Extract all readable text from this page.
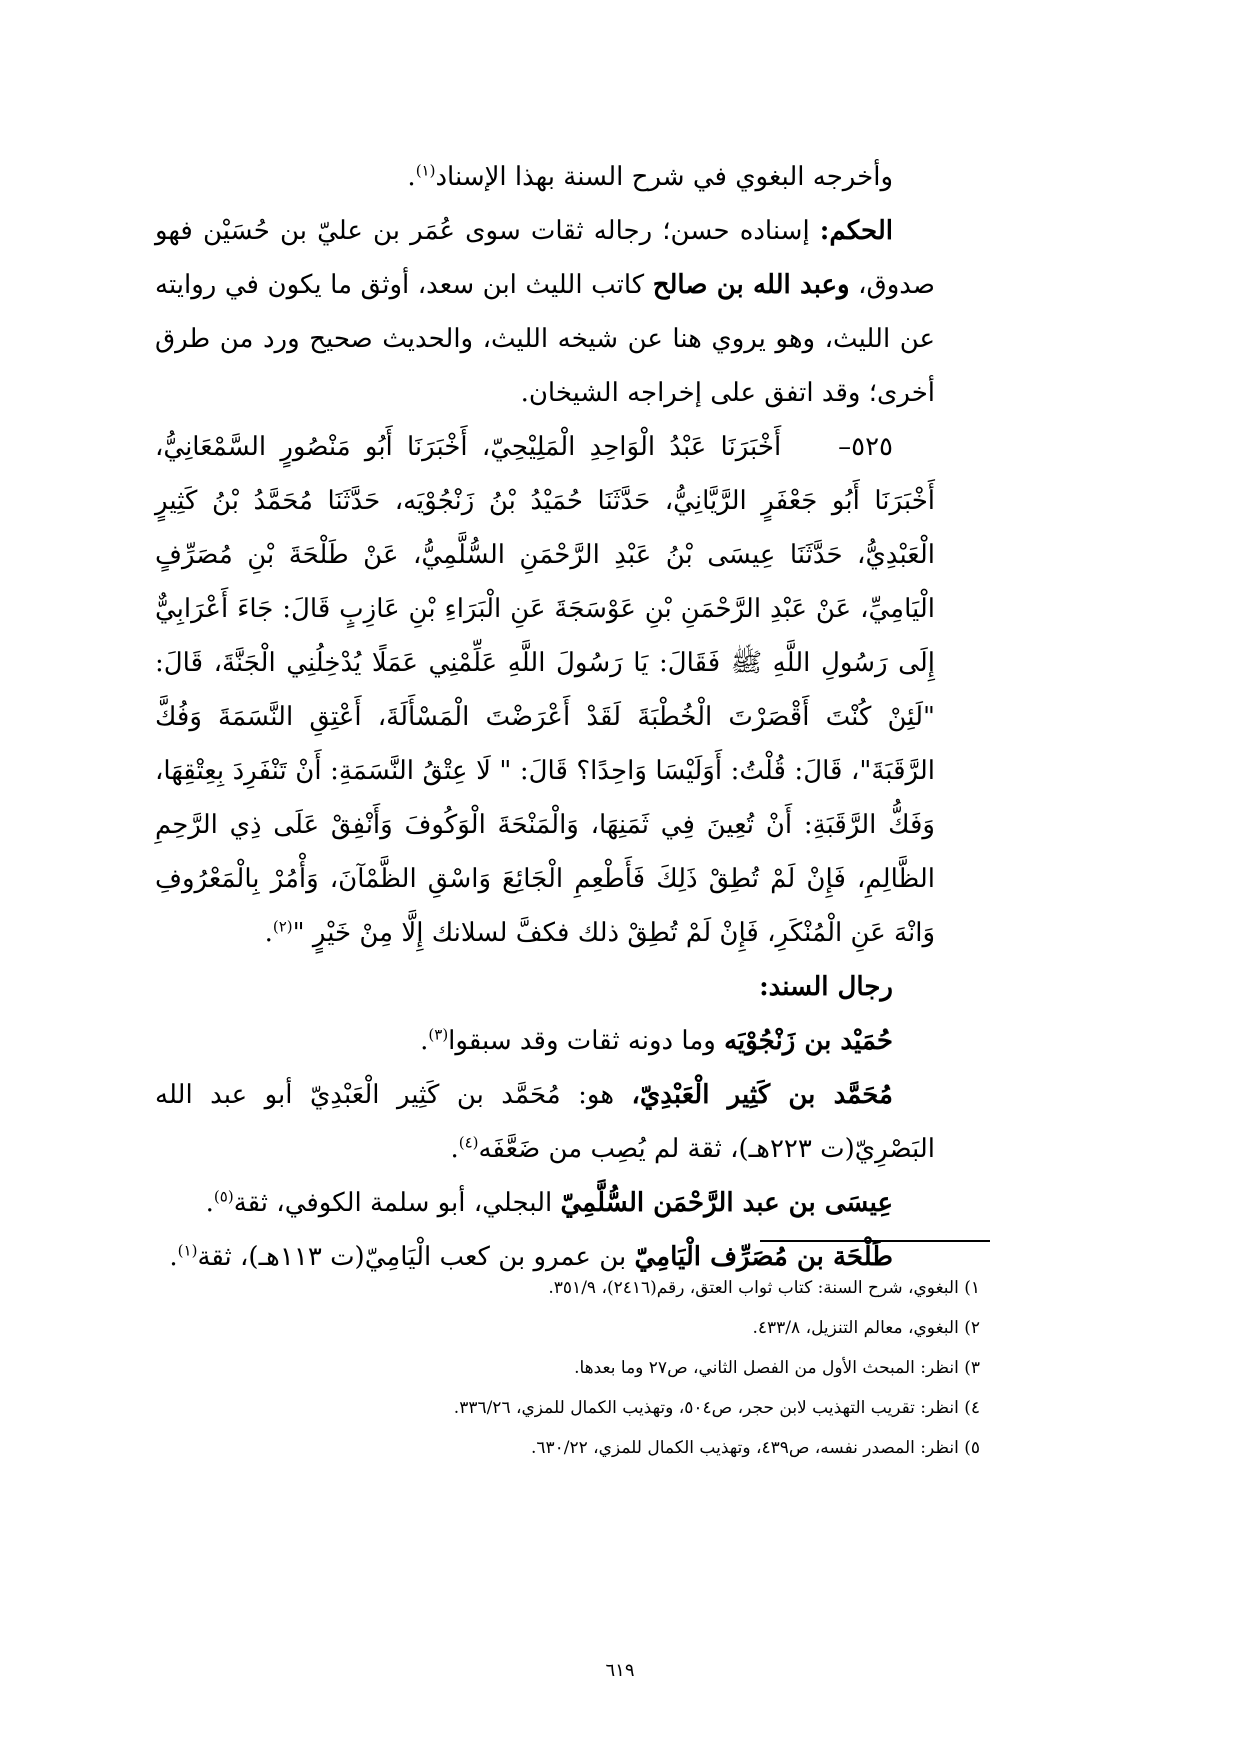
وأخرجه البغوي في شرح السنة بهذا الإسناد$^{(١)}$.

الحكم: إسناده حسن؛ رجاله ثقات سوى عُمَر بن عليّ بن حُسَيْن فهو صدوق، وعبد الله بن صالح كاتب الليث ابن سعد، أوثق ما يكون في روايته عن الليث، وهو يروي هنا عن شيخه الليث، والحديث صحيح ورد من طرق أخرى؛ وقد اتفق على إخراجه الشيخان.

٥٢٥–    أَخْبَرَنَا عَبْدُ الْوَاحِدِ الْمَلِيْحِيّ، أَخْبَرَنَا أَبُو مَنْصُورٍ السَّمْعَانِيُّ، أَخْبَرَنَا أَبُو جَعْفَرٍ الرَّيَّانِيُّ، حَدَّثَنَا حُمَيْدُ بْنُ زَنْجُوْيَه، حَدَّثَنَا مُحَمَّدُ بْنُ كَثِيرٍ الْعَبْدِيُّ، حَدَّثَنَا عِيسَى بْنُ عَبْدِ الرَّحْمَنِ السُّلَّمِيُّ، عَنْ طَلْحَةَ بْنِ مُصَرِّفٍ الْيَامِيِّ، عَنْ عَبْدِ الرَّحْمَنِ بْنِ عَوْسَجَةَ عَنِ الْبَرَاءِ بْنِ عَازِبٍ قَالَ: جَاءَ أَعْرَابِيٌّ إِلَى رَسُولِ اللَّهِ ﷺ فَقَالَ: يَا رَسُولَ اللَّهِ عَلِّمْنِي عَمَلًا يُدْخِلُنِي الْجَنَّةَ، قَالَ: "لَئِنْ كُنْتَ أَقْصَرْتَ الْخُطْبَةَ لَقَدْ أَعْرَضْتَ الْمَسْأَلَةَ، أَعْتِقِ النَّسَمَةَ وَفُكَّ الرَّقَبَةَ"، قَالَ: قُلْتُ: أَوَلَيْسَا وَاحِدًا؟ قَالَ: " لَا عِتْقُ النَّسَمَةِ: أَنْ تَنْفَرِدَ بِعِتْقِهَا، وَفَكُّ الرَّقَبَةِ: أَنْ تُعِينَ فِي ثَمَنِهَا، وَالْمَنْحَةَ الْوَكُوفَ وَأَنْفِقْ عَلَى ذِي الرَّحِمِ الظَّالِمِ، فَإِنْ لَمْ تُطِقْ ذَلِكَ فَأَطْعِمِ الْجَائِعَ وَاسْقِ الظَّمْآنَ، وَأْمُرْ بِالْمَعْرُوفِ وَانْهَ عَنِ الْمُنْكَرِ، فَإِنْ لَمْ تُطِقْ ذلك فكفَّ لسلانك إِلَّا مِنْ خَيْرٍ "$^{(٢)}$.

رجال السند:

حُمَيْد بن زَنْجُوْيَه وما دونه ثقات وقد سبقوا$^{(٣)}$.

مُحَمَّد بن كَثِير الْعَبْدِيّ، هو: مُحَمَّد بن كَثِير الْعَبْدِيّ أبو عبد الله البَصْرِيّ(ت ٢٢٣هـ)، ثقة لم يُصِب من ضَعَّفَه$^{(٤)}$.

عِيسَى بن عبد الرَّحْمَن السُّلَّمِيّ البجلي، أبو سلمة الكوفي، ثقة$^{(٥)}$.

طَلْحَة بن مُصَرِّف الْيَامِيّ بن عمرو بن كعب الْيَامِيّ(ت ١١٣هـ)، ثقة$^{(١)}$.

١) البغوي، شرح السنة: كتاب ثواب العتق، رقم(٢٤١٦)، ٣٥١/٩.
٢) البغوي، معالم التنزيل، ٤٣٣/٨.
٣) انظر: المبحث الأول من الفصل الثاني، ص٢٧ وما بعدها.
٤) انظر: تقريب التهذيب لابن حجر، ص٥٠٤، وتهذيب الكمال للمزي، ٣٣٦/٢٦.
٥) انظر: المصدر نفسه، ص٤٣٩، وتهذيب الكمال للمزي، ٦٣٠/٢٢.
٦١٩
